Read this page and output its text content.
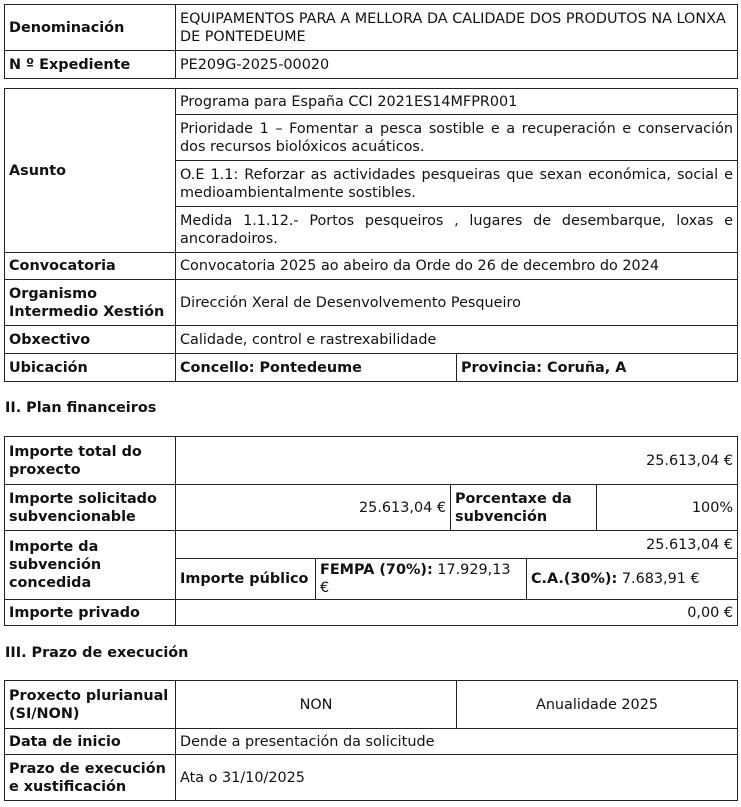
Denominación	EQUIPAMENTOS PARA A MELLORA DA CALIDADE DOS PRODUTOS NA LONXA DE PONTEDEUME	
N º Expediente	PE209G-2025-00020	

Asunto	Programa para España CCI 2021ES14MFPR001	
	Prioridade 1 – Fomentar a pesca sostible e a recuperación e conservación dos recursos biolóxicos acuáticos.	
	O.E 1.1: Reforzar as actividades pesqueiras que sexan económica, social e medioambientalmente sostibles.	
	Medida 1.1.12.- Portos pesqueiros , lugares de desembarque, loxas e ancoradoiros.	
Convocatoria	Convocatoria 2025 ao abeiro da Orde do 26 de decembro do 2024	
Organismo Intermedio Xestión	Dirección Xeral de Desenvolvemento Pesqueiro	
Obxectivo	Calidade, control e rastrexabilidade	
Ubicación	Concello: Pontedeume	Provincia: Coruña, A

II. Plan financeiros

Importe total do proxecto	25.613,04 €				
Importe solicitado subvencionable	25.613,04 €		Porcentaxe da subvención		100%
Importe da subvención concedida	25.613,04 €				
	Importe público	FEMPA (70%): 17.929,13 €		C.A.(30%): 7.683,91 €	
Importe privado	0,00 €				

III. Prazo de execución

Proxecto plurianual (SI/NON)	NON	Anualidade 2025
Data de inicio	Dende a presentación da solicitude	
Prazo de execución e xustificación	Ata o 31/10/2025	
